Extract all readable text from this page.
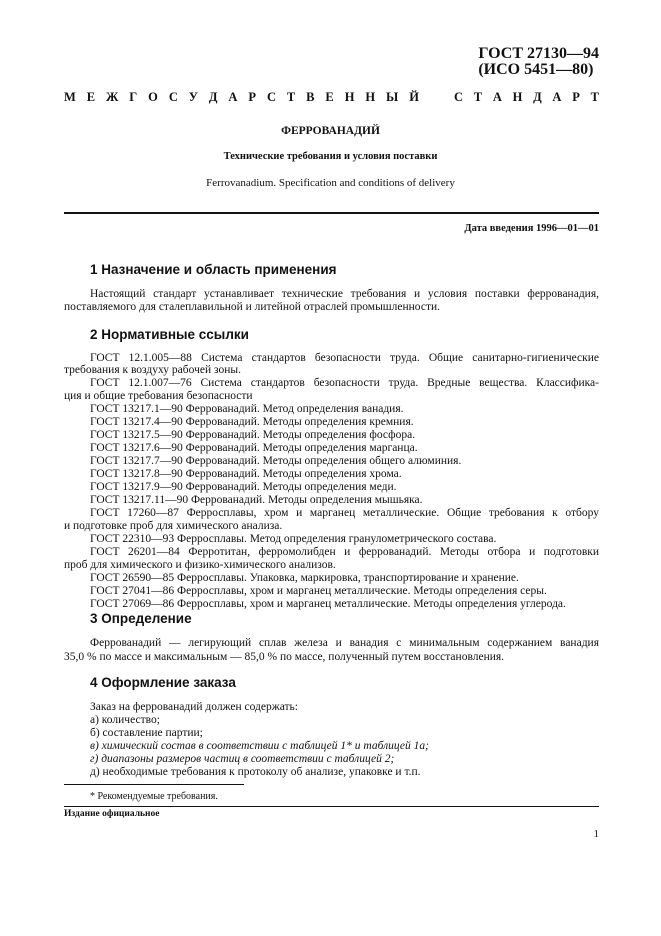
ГОСТ 27130—94
(ИСО 5451—80)
М Е Ж Г О С У Д А Р С Т В Е Н Н Ы Й	С Т А Н Д А Р Т
ФЕРРОВАНАДИЙ
Технические требования и условия поставки
Ferrovanadium. Specification and conditions of delivery
Дата введения 1996—01—01
1 Назначение и область применения
Настоящий стандарт устанавливает технические требования и условия поставки феррованадия,
поставляемого для сталеплавильной и литейной отраслей промышленности.
2 Нормативные ссылки
ГОСТ 12.1.005—88 Система стандартов безопасности труда. Общие санитарно-гигиенические
требования к воздуху рабочей зоны.
ГОСТ 12.1.007—76 Система стандартов безопасности труда. Вредные вещества. Классифика-
ция и общие требования безопасности
ГОСТ 13217.1—90 Феррованадий. Метод определения ванадия.
ГОСТ 13217.4—90 Феррованадий. Методы определения кремния.
ГОСТ 13217.5—90 Феррованадий. Методы определения фосфора.
ГОСТ 13217.6—90 Феррованадий. Методы определения марганца.
ГОСТ 13217.7—90 Феррованадий. Методы определения общего алюминия.
ГОСТ 13217.8—90 Феррованадий. Методы определения хрома.
ГОСТ 13217.9—90 Феррованадий. Методы определения меди.
ГОСТ 13217.11—90 Феррованадий. Методы определения мышьяка.
ГОСТ 17260—87 Ферросплавы, хром и марганец металлические. Общие требования к отбору
и подготовке проб для химического анализа.
ГОСТ 22310—93 Ферросплавы. Метод определения гранулометрического состава.
ГОСТ 26201—84 Ферротитан, ферромолибден и феррованадий. Методы отбора и подготовки
проб для химического и физико-химического анализов.
ГОСТ 26590—85 Ферросплавы. Упаковка, маркировка, транспортирование и хранение.
ГОСТ 27041—86 Ферросплавы, хром и марганец металлические. Методы определения серы.
ГОСТ 27069—86 Ферросплавы, хром и марганец металлические. Методы определения углерода.
3 Определение
Феррованадий — легирующий сплав железа и ванадия с минимальным содержанием ванадия
35,0 % по массе и максимальным — 85,0 % по массе, полученный путем восстановления.
4 Оформление заказа
Заказ на феррованадий должен содержать:
а) количество;
б) составление партии;
в) химический состав в соответствии с таблицей 1* и таблицей 1а;
г) диапазоны размеров частиц в соответствии с таблицей 2;
д) необходимые требования к протоколу об анализе, упаковке и т.п.
* Рекомендуемые требования.
Издание официальное
1
